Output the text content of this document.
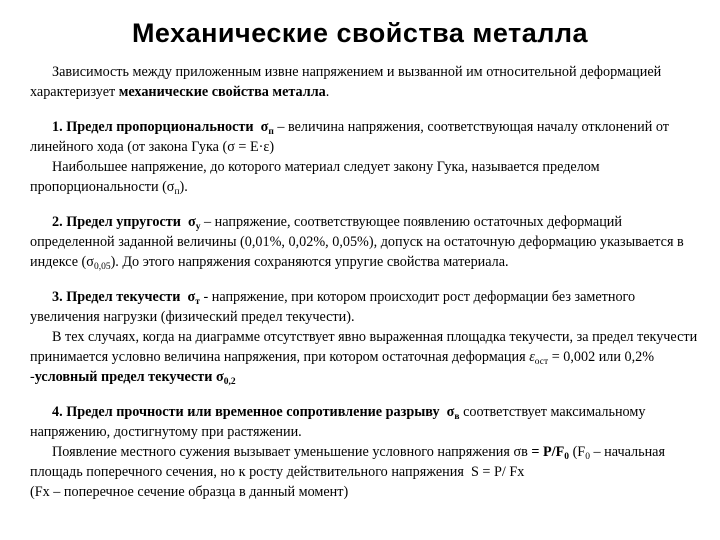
Механические свойства металла

Зависимость между приложенным извне напряжением и вызванной им относительной деформацией характеризует механические свойства металла.

1. Предел пропорциональности $\sigma_п$ – величина напряжения, соответствующая началу отклонений от линейного хода (от закона Гука (σ = Е·ε)

Наибольшее напряжение, до которого материал следует закону Гука, называется пределом пропорциональности $(\sigma_п)$.

2. Предел упругости $\sigma_у$ – напряжение, соответствующее появлению остаточных деформаций определенной заданной величины (0,01%, 0,02%, 0,05%), допуск на остаточную деформацию указывается в индексе $(\sigma_{0,05})$. До этого напряжения сохраняются упругие свойства материала.

3. Предел текучести $\sigma_т$ - напряжение, при котором происходит рост деформации без заметного увеличения нагрузки (физический предел текучести).

В тех случаях, когда на диаграмме отсутствует явно выраженная площадка текучести, за предел текучести принимается условно величина напряжения, при котором остаточная деформация $\varepsilon_{ост} = 0,002$ или 0,2% -условный предел текучести $\sigma_{0,2}$

4. Предел прочности или временное сопротивление разрыву $\sigma_в$ соответствует максимальному напряжению, достигнутому при растяжении.

Появление местного сужения вызывает уменьшение условного напряжения $\sigma в = P/F_0$ ($F_0$ – начальная площадь поперечного сечения, но к росту действительного напряжения  S = P/ Fx

(Fx – поперечное сечение образца в данный момент)
